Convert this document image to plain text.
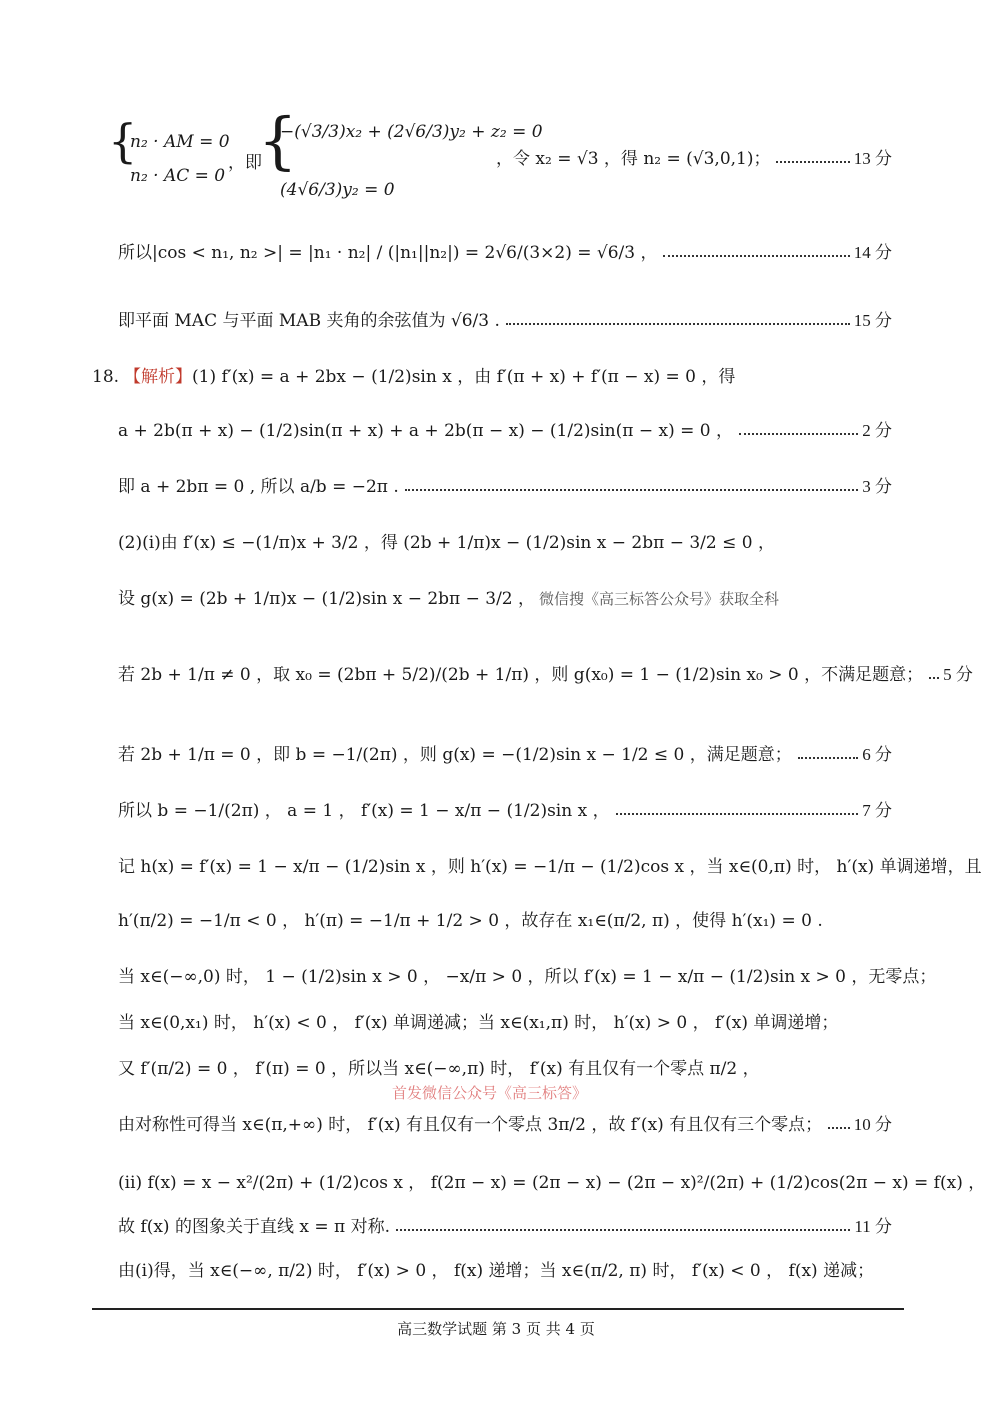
{
n₂ · AM = 0
n₂ · AC = 0
，即
{
−(√3/3)x₂ + (2√6/3)y₂ + z₂ = 0
(4√6/3)y₂ = 0
，令 x₂ = √3 ，得 n₂ = (√3,0,1)；	13 分
所以|cos < n₁, n₂ >| = |n₁ · n₂| / (|n₁||n₂|) = 2√6/(3×2) = √6/3 ，	14 分
即平面 MAC 与平面 MAB 夹角的余弦值为 √6/3 .	15 分
18. 【解析】 (1) f′(x) = a + 2bx − (1/2)sin x ，由 f′(π + x) + f′(π − x) = 0 ，得
a + 2b(π + x) − (1/2)sin(π + x) + a + 2b(π − x) − (1/2)sin(π − x) = 0 ，	2 分
即 a + 2bπ = 0 , 所以 a/b = −2π .	3 分
(2)(ⅰ)由 f′(x) ≤ −(1/π)x + 3/2 ，得 (2b + 1/π)x − (1/2)sin x − 2bπ − 3/2 ≤ 0 ，
设 g(x) = (2b + 1/π)x − (1/2)sin x − 2bπ − 3/2 ， 微信搜《高三标答公众号》获取全科
若 2b + 1/π ≠ 0 ，取 x₀ = (2bπ + 5/2)/(2b + 1/π) ，则 g(x₀) = 1 − (1/2)sin x₀ > 0 ，不满足题意； 5 分
若 2b + 1/π = 0 ，即 b = −1/(2π) ，则 g(x) = −(1/2)sin x − 1/2 ≤ 0 ，满足题意；	6 分
所以 b = −1/(2π) ， a = 1 ， f′(x) = 1 − x/π − (1/2)sin x ，	7 分
记 h(x) = f′(x) = 1 − x/π − (1/2)sin x ，则 h′(x) = −1/π − (1/2)cos x ，当 x∈(0,π) 时， h′(x) 单调递增，且
h′(π/2) = −1/π < 0 ， h′(π) = −1/π + 1/2 > 0 ，故存在 x₁∈(π/2, π) ，使得 h′(x₁) = 0 .
当 x∈(−∞,0) 时， 1 − (1/2)sin x > 0 ， −x/π > 0 ，所以 f′(x) = 1 − x/π − (1/2)sin x > 0 ，无零点；
当 x∈(0,x₁) 时， h′(x) < 0 ， f′(x) 单调递减；当 x∈(x₁,π) 时， h′(x) > 0 ， f′(x) 单调递增；
又 f′(π/2) = 0 ， f′(π) = 0 ，所以当 x∈(−∞,π) 时， f′(x) 有且仅有一个零点 π/2 ，
首发微信公众号《高三标答》
由对称性可得当 x∈(π,+∞) 时， f′(x) 有且仅有一个零点 3π/2 ，故 f′(x) 有且仅有三个零点； 10 分
(ⅱ) f(x) = x − x²/(2π) + (1/2)cos x ， f(2π − x) = (2π − x) − (2π − x)²/(2π) + (1/2)cos(2π − x) = f(x) ，
故 f(x) 的图象关于直线 x = π 对称.	11 分
由(ⅰ)得，当 x∈(−∞, π/2) 时， f′(x) > 0 ， f(x) 递增；当 x∈(π/2, π) 时， f′(x) < 0 ， f(x) 递减；
高三数学试题 第 3 页 共 4 页
